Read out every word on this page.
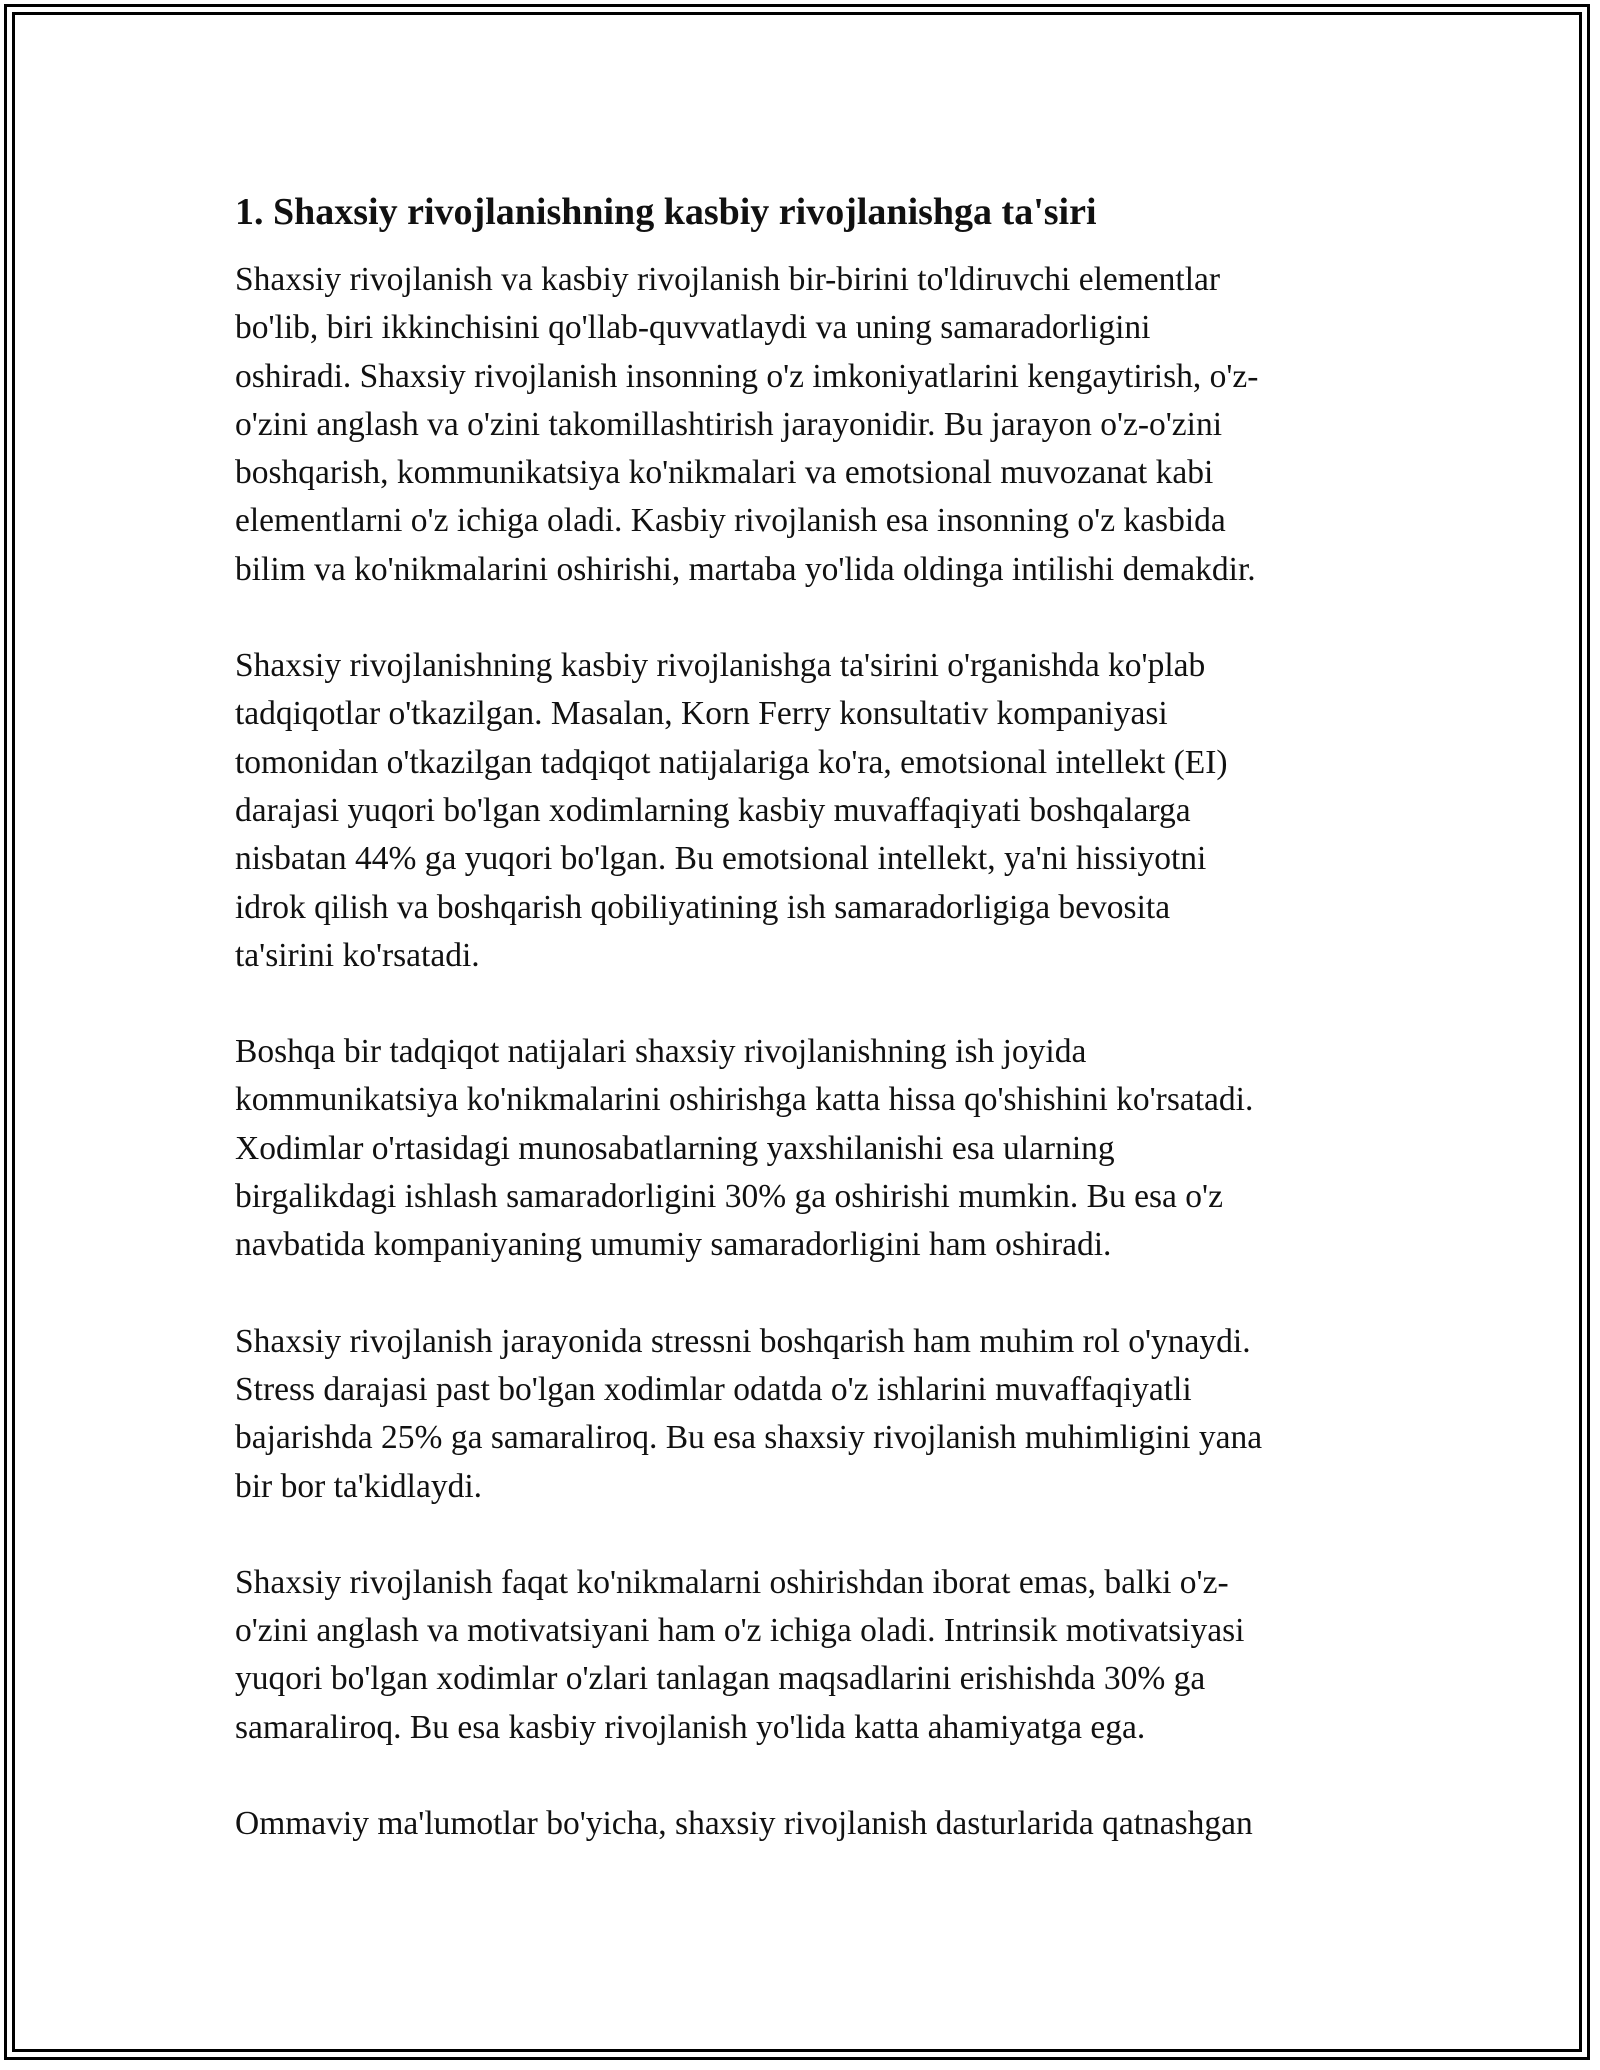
1. Shaxsiy rivojlanishning kasbiy rivojlanishga ta'siri

Shaxsiy rivojlanish va kasbiy rivojlanish bir-birini to'ldiruvchi elementlar
bo'lib, biri ikkinchisini qo'llab-quvvatlaydi va uning samaradorligini
oshiradi. Shaxsiy rivojlanish insonning o'z imkoniyatlarini kengaytirish, o'z-
o'zini anglash va o'zini takomillashtirish jarayonidir. Bu jarayon o'z-o'zini
boshqarish, kommunikatsiya ko'nikmalari va emotsional muvozanat kabi
elementlarni o'z ichiga oladi. Kasbiy rivojlanish esa insonning o'z kasbida
bilim va ko'nikmalarini oshirishi, martaba yo'lida oldinga intilishi demakdir.

Shaxsiy rivojlanishning kasbiy rivojlanishga ta'sirini o'rganishda ko'plab
tadqiqotlar o'tkazilgan. Masalan, Korn Ferry konsultativ kompaniyasi
tomonidan o'tkazilgan tadqiqot natijalariga ko'ra, emotsional intellekt (EI)
darajasi yuqori bo'lgan xodimlarning kasbiy muvaffaqiyati boshqalarga
nisbatan 44% ga yuqori bo'lgan. Bu emotsional intellekt, ya'ni hissiyotni
idrok qilish va boshqarish qobiliyatining ish samaradorligiga bevosita
ta'sirini ko'rsatadi.

Boshqa bir tadqiqot natijalari shaxsiy rivojlanishning ish joyida
kommunikatsiya ko'nikmalarini oshirishga katta hissa qo'shishini ko'rsatadi.
Xodimlar o'rtasidagi munosabatlarning yaxshilanishi esa ularning
birgalikdagi ishlash samaradorligini 30% ga oshirishi mumkin. Bu esa o'z
navbatida kompaniyaning umumiy samaradorligini ham oshiradi.

Shaxsiy rivojlanish jarayonida stressni boshqarish ham muhim rol o'ynaydi.
Stress darajasi past bo'lgan xodimlar odatda o'z ishlarini muvaffaqiyatli
bajarishda 25% ga samaraliroq. Bu esa shaxsiy rivojlanish muhimligini yana
bir bor ta'kidlaydi.

Shaxsiy rivojlanish faqat ko'nikmalarni oshirishdan iborat emas, balki o'z-
o'zini anglash va motivatsiyani ham o'z ichiga oladi. Intrinsik motivatsiyasi
yuqori bo'lgan xodimlar o'zlari tanlagan maqsadlarini erishishda 30% ga
samaraliroq. Bu esa kasbiy rivojlanish yo'lida katta ahamiyatga ega.

Ommaviy ma'lumotlar bo'yicha, shaxsiy rivojlanish dasturlarida qatnashgan
